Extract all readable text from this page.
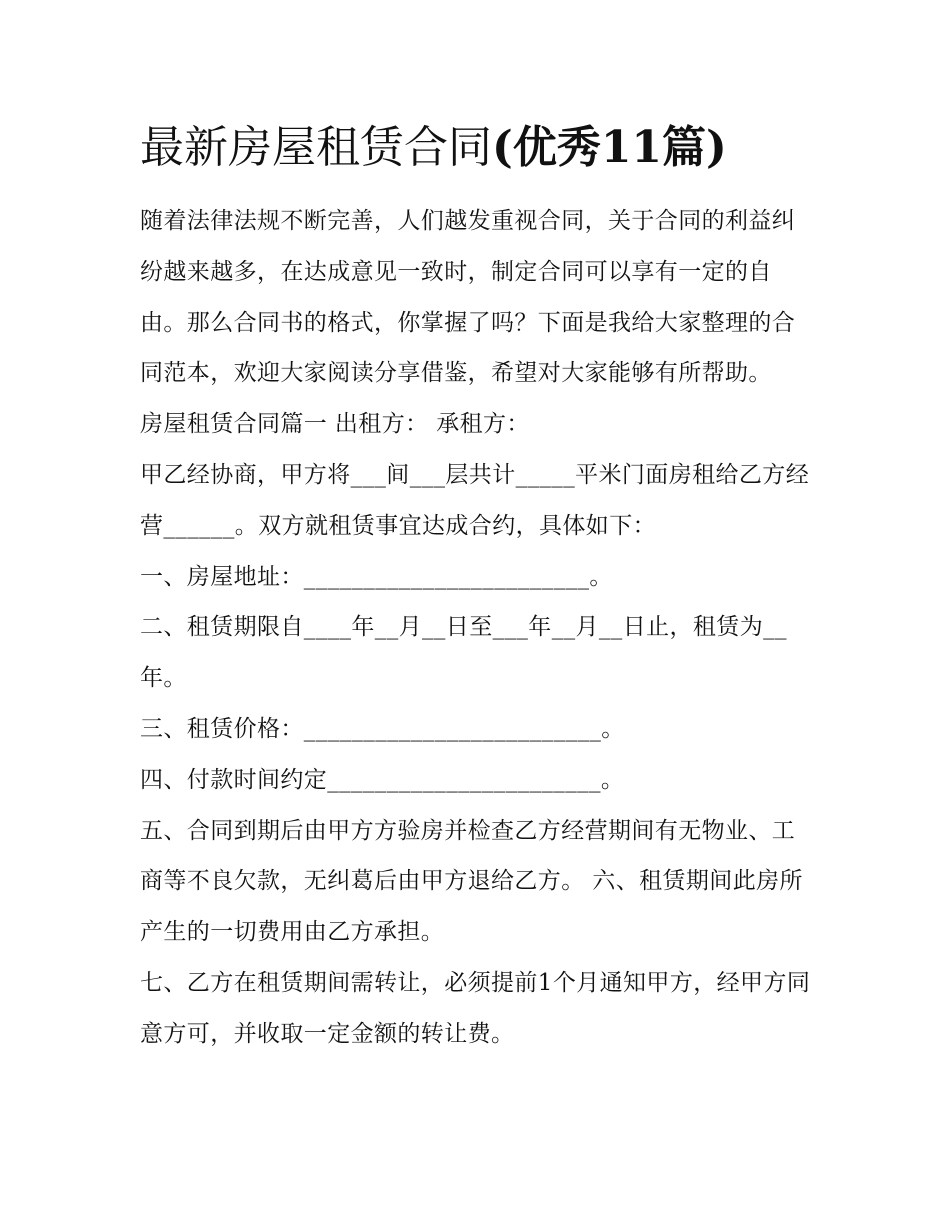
最新房屋租赁合同(优秀11篇)

随着法律法规不断完善，人们越发重视合同，关于合同的利益纠纷越来越多，在达成意见一致时，制定合同可以享有一定的自由。那么合同书的格式，你掌握了吗？下面是我给大家整理的合同范本，欢迎大家阅读分享借鉴，希望对大家能够有所帮助。

房屋租赁合同篇一 出租方： 承租方：

甲乙经协商，甲方将___间___层共计_____平米门面房租给乙方经营______。双方就租赁事宜达成合约，具体如下：

一、房屋地址：________________________。

二、租赁期限自____年__月__日至___年__月__日止，租赁为__年。

三、租赁价格：_________________________。

四、付款时间约定_______________________。

五、合同到期后由甲方方验房并检查乙方经营期间有无物业、工商等不良欠款，无纠葛后由甲方退给乙方。 六、租赁期间此房所产生的一切费用由乙方承担。

七、乙方在租赁期间需转让，必须提前1个月通知甲方，经甲方同意方可，并收取一定金额的转让费。
